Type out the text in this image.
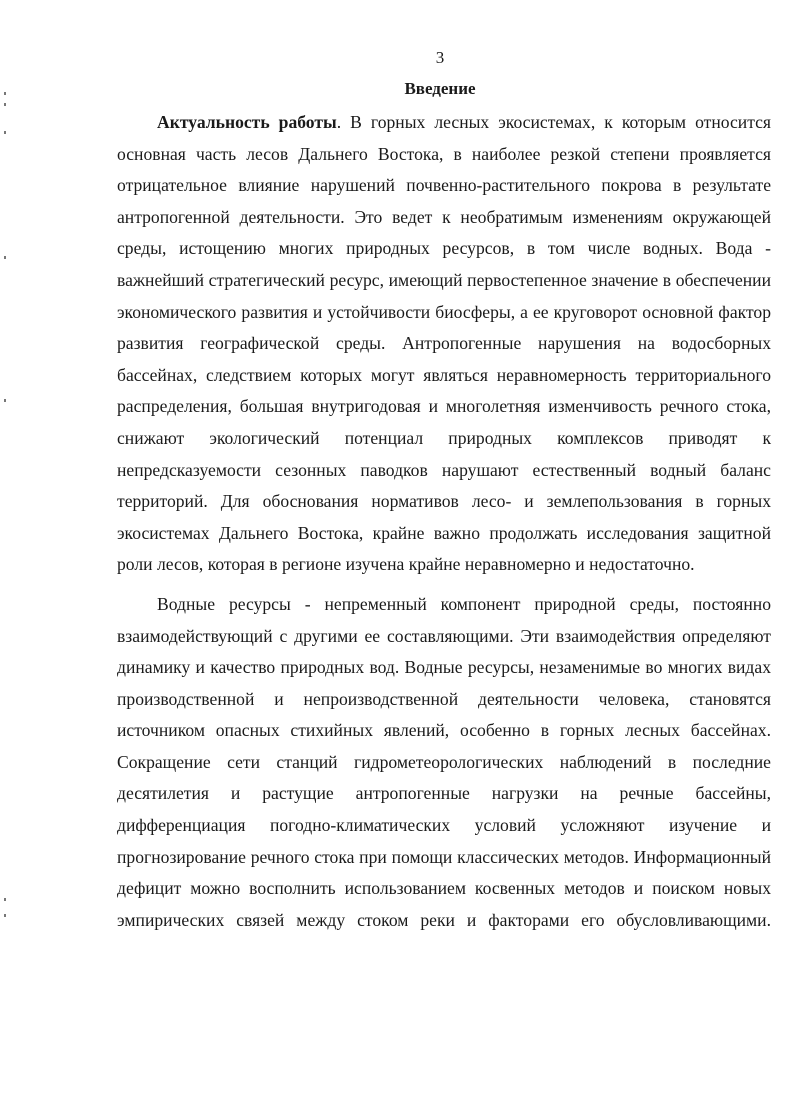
3
Введение

Актуальность работы. В горных лесных экосистемах, к которым относится основная часть лесов Дальнего Востока, в наиболее резкой степени проявляется отрицательное влияние нарушений почвенно-растительного покрова в результате антропогенной деятельности. Это ведет к необратимым изменениям окружающей среды, истощению многих природных ресурсов, в том числе водных. Вода - важнейший стратегический ресурс, имеющий первостепенное значение в обеспечении экономического развития и устойчивости биосферы, а ее круговорот основной фактор развития географической среды. Антропогенные нарушения на водосборных бассейнах, следствием которых могут являться неравномерность территориального распределения, большая внутригодовая и многолетняя изменчивость речного стока, снижают экологический потенциал природных комплексов приводят к непредсказуемости сезонных паводков нарушают естественный водный баланс территорий. Для обоснования нормативов лесо- и землепользования в горных экосистемах Дальнего Востока, крайне важно продолжать исследования защитной роли лесов, которая в регионе изучена крайне неравномерно и недостаточно.

Водные ресурсы - непременный компонент природной среды, постоянно взаимодействующий с другими ее составляющими. Эти взаимодействия определяют динамику и качество природных вод. Водные ресурсы, незаменимые во многих видах производственной и непроизводственной деятельности человека, становятся источником опасных стихийных явлений, особенно в горных лесных бассейнах. Сокращение сети станций гидрометеорологических наблюдений в последние десятилетия и растущие антропогенные нагрузки на речные бассейны, дифференциация погодно-климатических условий усложняют изучение и прогнозирование речного стока при помощи классических методов. Информационный дефицит можно восполнить использованием косвенных методов и поиском новых эмпирических связей между стоком реки и факторами его обусловливающими.
